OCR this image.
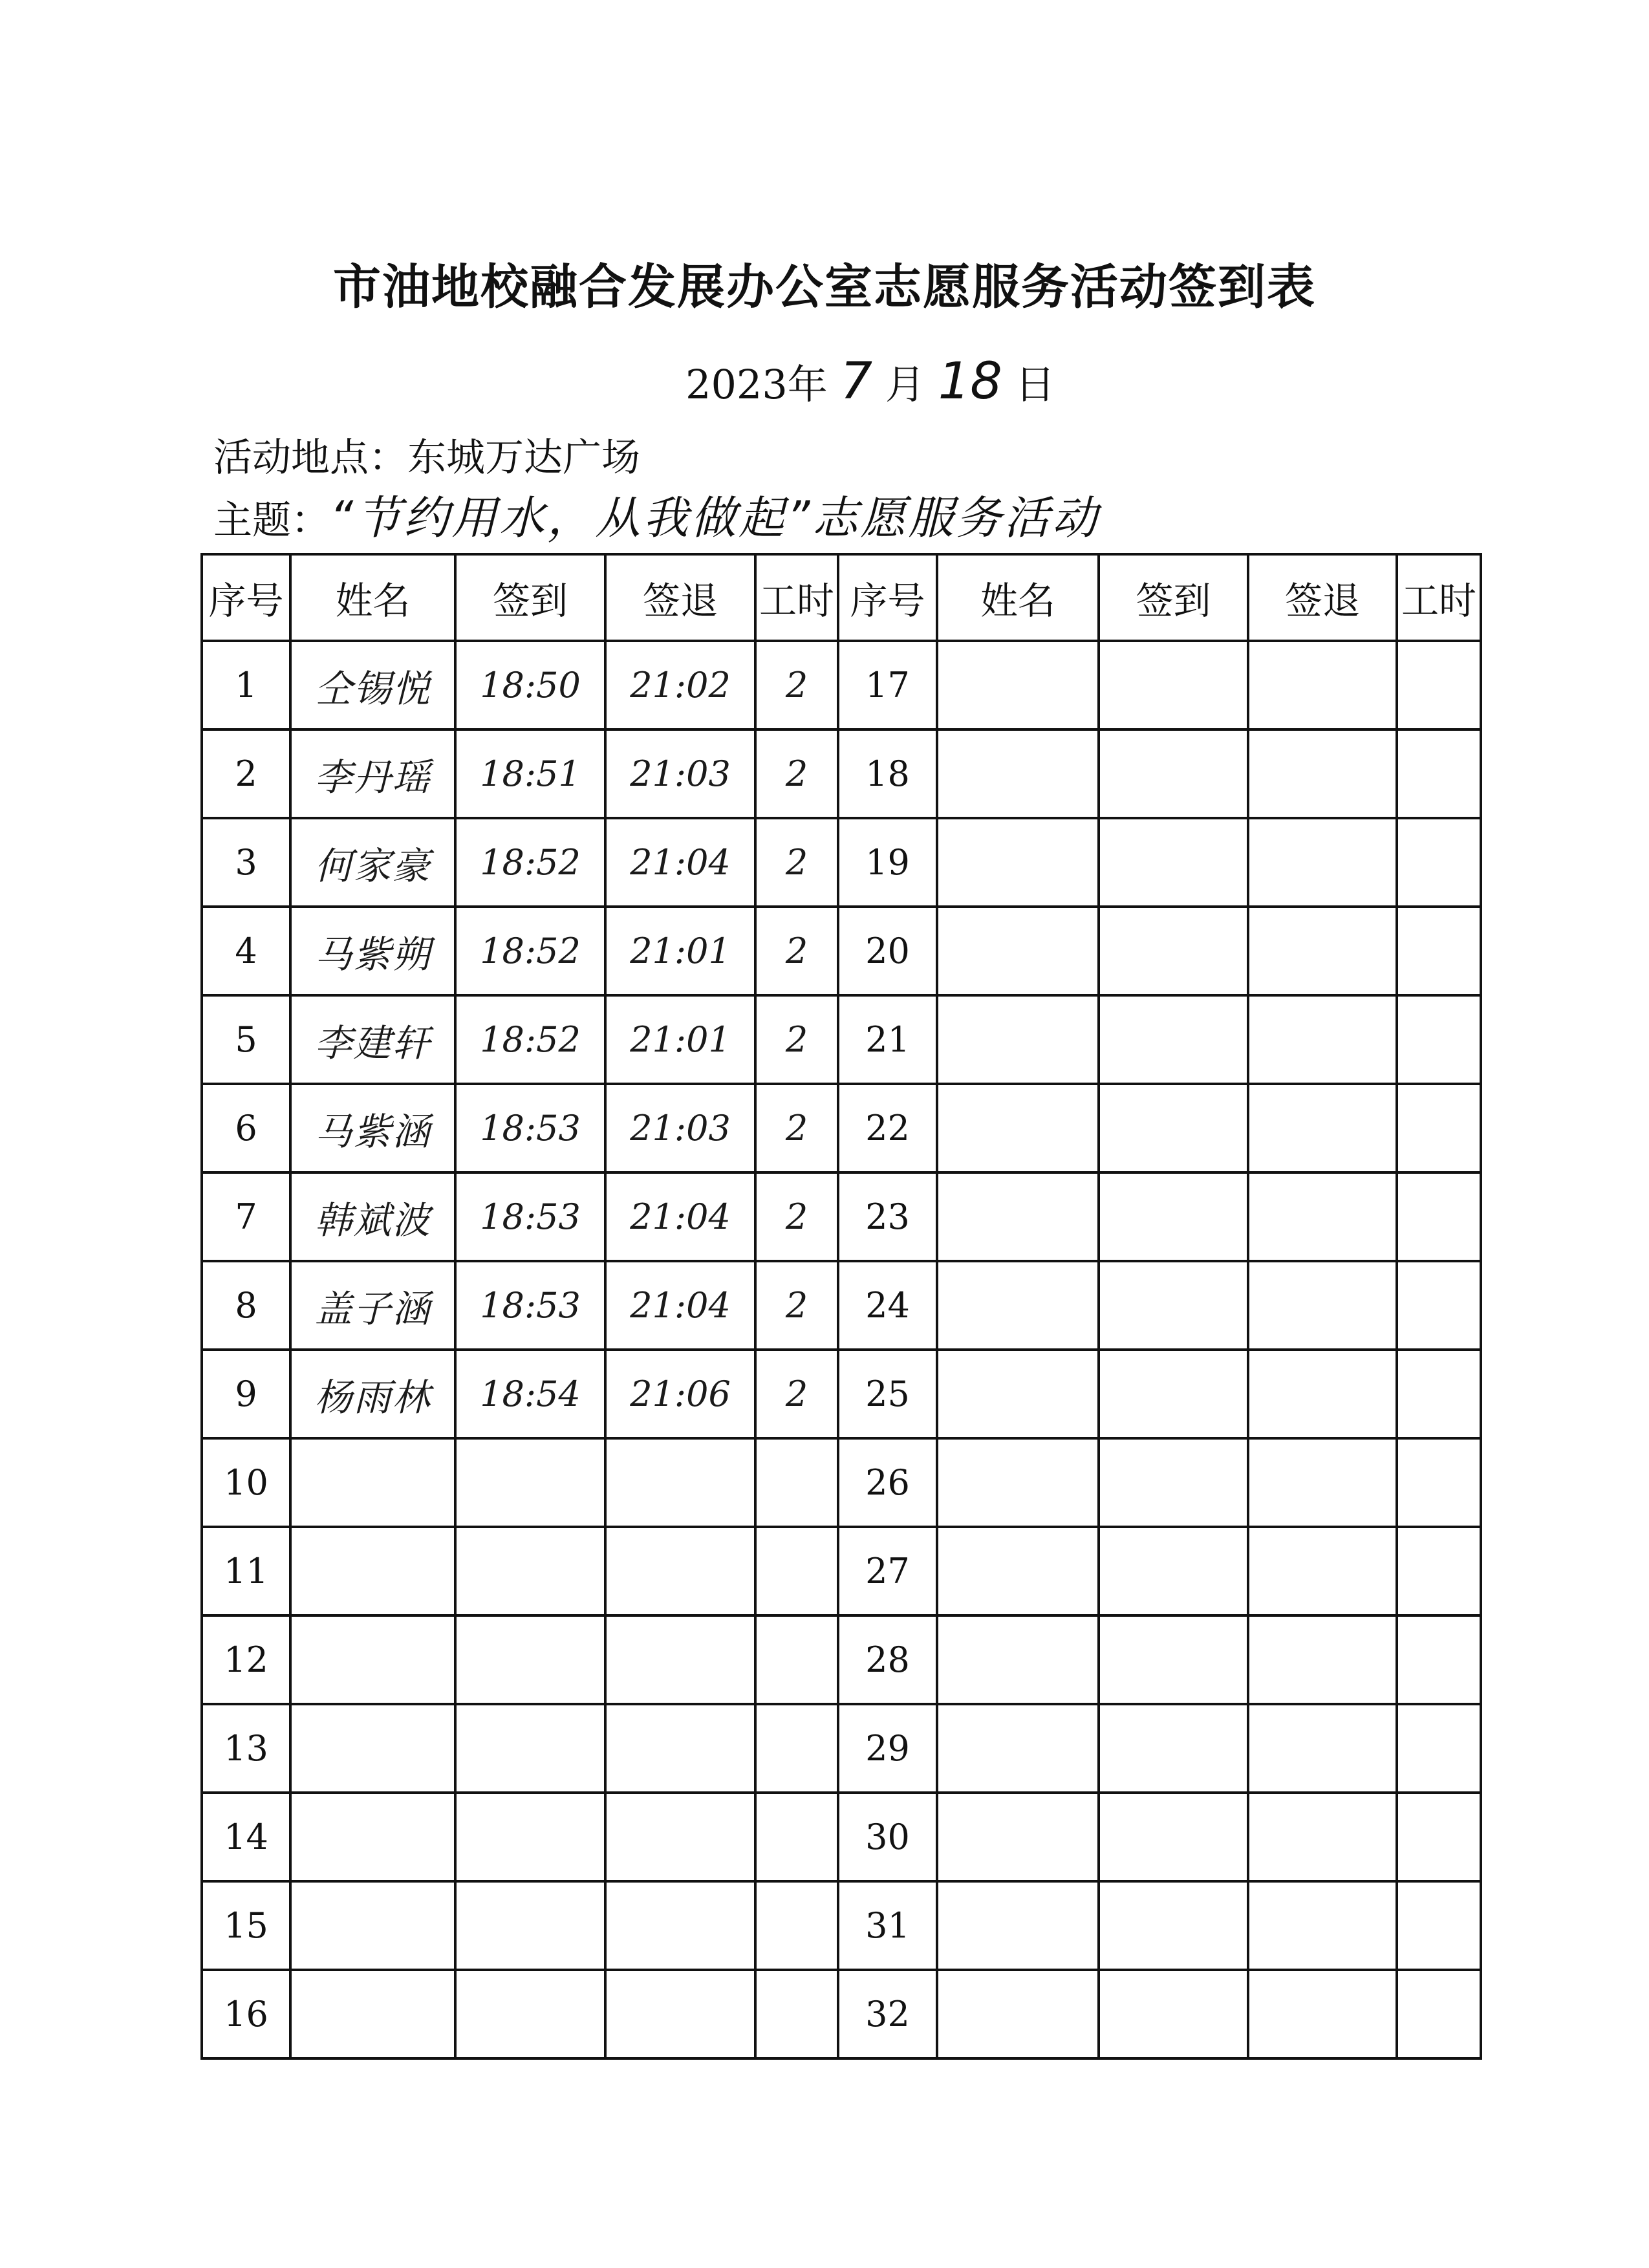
市油地校融合发展办公室志愿服务活动签到表
2023年 7 月 18 日
活动地点：东城万达广场
主题：“节约用水，从我做起”志愿服务活动
序号	姓名	签到	签退	工时	序号	姓名	签到	签退	工时
1	仝锡悦	18:50	21:02	2	17				
2	李丹瑶	18:51	21:03	2	18				
3	何家豪	18:52	21:04	2	19				
4	马紫朔	18:52	21:01	2	20				
5	李建轩	18:52	21:01	2	21				
6	马紫涵	18:53	21:03	2	22				
7	韩斌波	18:53	21:04	2	23				
8	盖子涵	18:53	21:04	2	24				
9	杨雨林	18:54	21:06	2	25				
10					26				
11					27				
12					28				
13					29				
14					30				
15					31				
16					32				
